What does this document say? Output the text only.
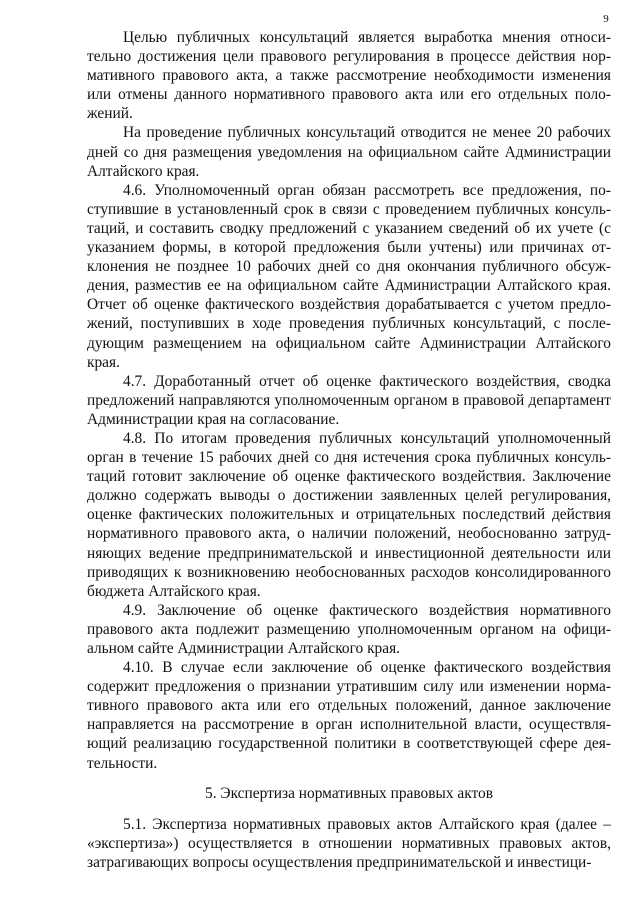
9

Целью публичных консультаций является выработка мнения относительно достижения цели правового регулирования в процессе действия нормативного правового акта, а также рассмотрение необходимости изменения или отмены данного нормативного правового акта или его отдельных положений.

На проведение публичных консультаций отводится не менее 20 рабочих дней со дня размещения уведомления на официальном сайте Администрации Алтайского края.

4.6. Уполномоченный орган обязан рассмотреть все предложения, поступившие в установленный срок в связи с проведением публичных консультаций, и составить сводку предложений с указанием сведений об их учете (с указанием формы, в которой предложения были учтены) или причинах отклонения не позднее 10 рабочих дней со дня окончания публичного обсуждения, разместив ее на официальном сайте Администрации Алтайского края. Отчет об оценке фактического воздействия дорабатывается с учетом предложений, поступивших в ходе проведения публичных консультаций, с последующим размещением на официальном сайте Администрации Алтайского края.

4.7. Доработанный отчет об оценке фактического воздействия, сводка предложений направляются уполномоченным органом в правовой департамент Администрации края на согласование.

4.8. По итогам проведения публичных консультаций уполномоченный орган в течение 15 рабочих дней со дня истечения срока публичных консультаций готовит заключение об оценке фактического воздействия. Заключение должно содержать выводы о достижении заявленных целей регулирования, оценке фактических положительных и отрицательных последствий действия нормативного правового акта, о наличии положений, необоснованно затрудняющих ведение предпринимательской и инвестиционной деятельности или приводящих к возникновению необоснованных расходов консолидированного бюджета Алтайского края.

4.9. Заключение об оценке фактического воздействия нормативного правового акта подлежит размещению уполномоченным органом на официальном сайте Администрации Алтайского края.

4.10. В случае если заключение об оценке фактического воздействия содержит предложения о признании утратившим силу или изменении нормативного правового акта или его отдельных положений, данное заключение направляется на рассмотрение в орган исполнительной власти, осуществляющий реализацию государственной политики в соответствующей сфере деятельности.

5. Экспертиза нормативных правовых актов

5.1. Экспертиза нормативных правовых актов Алтайского края (далее – «экспертиза») осуществляется в отношении нормативных правовых актов, затрагивающих вопросы осуществления предпринимательской и инвестици-
